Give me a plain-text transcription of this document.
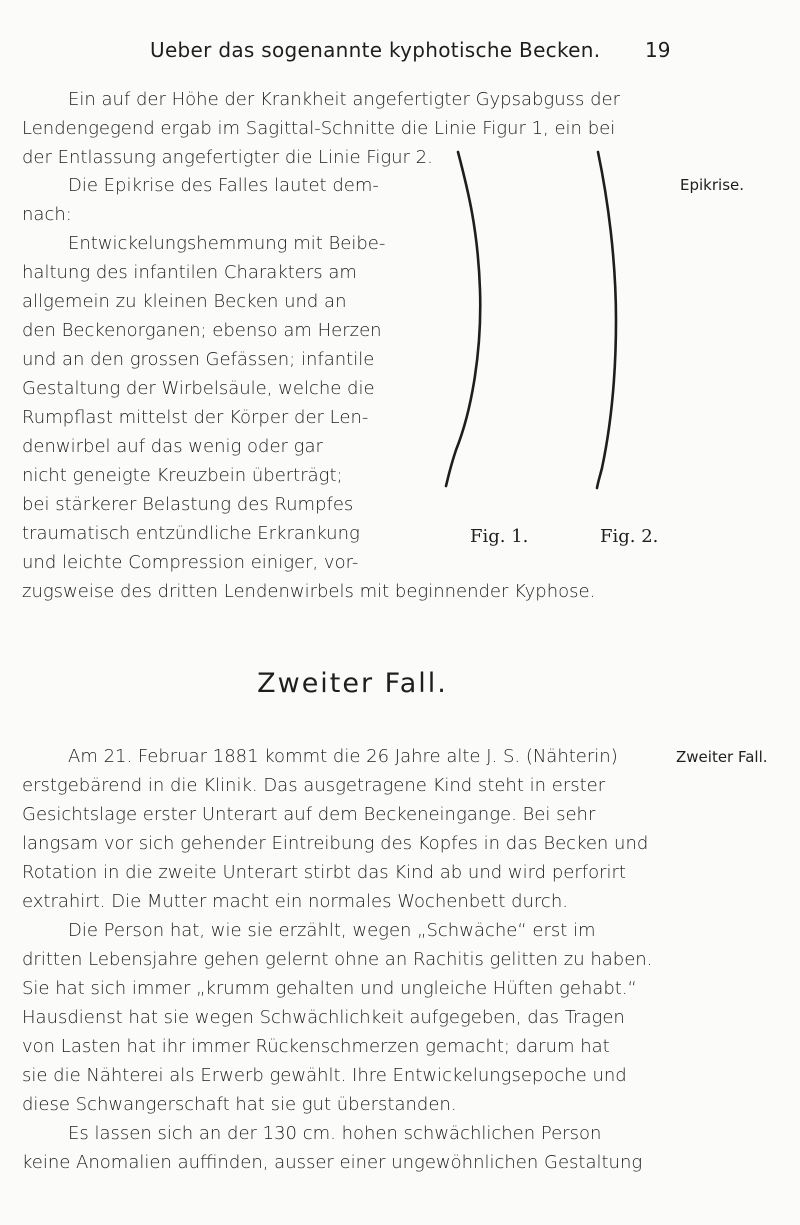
Ueber das sogenannte kyphotische Becken. 19
Ein auf der Höhe der Krankheit angefertigter Gypsabguss der
Lendengegend ergab im Sagittal-Schnitte die Linie Figur 1, ein bei
der Entlassung angefertigter die Linie Figur 2.
Die Epikrise des Falles lautet dem-
nach:
Entwickelungshemmung mit Beibe-
haltung des infantilen Charakters am
allgemein zu kleinen Becken und an
den Beckenorganen; ebenso am Herzen
und an den grossen Gefässen; infantile
Gestaltung der Wirbelsäule, welche die
Rumpflast mittelst der Körper der Len-
denwirbel auf das wenig oder gar
nicht geneigte Kreuzbein überträgt;
bei stärkerer Belastung des Rumpfes
traumatisch entzündliche Erkrankung
und leichte Compression einiger, vor-
zugsweise des dritten Lendenwirbels mit beginnender Kyphose.
Epikrise.
Fig. 1.	Fig. 2.
Zweiter Fall.
Am 21. Februar 1881 kommt die 26 Jahre alte J. S. (Nähterin)	Zweiter Fall.
erstgebärend in die Klinik. Das ausgetragene Kind steht in erster
Gesichtslage erster Unterart auf dem Beckeneingange. Bei sehr
langsam vor sich gehender Eintreibung des Kopfes in das Becken und
Rotation in die zweite Unterart stirbt das Kind ab und wird perforirt
extrahirt. Die Mutter macht ein normales Wochenbett durch.
Die Person hat, wie sie erzählt, wegen „Schwäche“ erst im
dritten Lebensjahre gehen gelernt ohne an Rachitis gelitten zu haben.
Sie hat sich immer „krumm gehalten und ungleiche Hüften gehabt.“
Hausdienst hat sie wegen Schwächlichkeit aufgegeben, das Tragen
von Lasten hat ihr immer Rückenschmerzen gemacht; darum hat
sie die Nähterei als Erwerb gewählt. Ihre Entwickelungsepoche und
diese Schwangerschaft hat sie gut überstanden.
Es lassen sich an der 130 cm. hohen schwächlichen Person
keine Anomalien auffinden, ausser einer ungewöhnlichen Gestaltung
